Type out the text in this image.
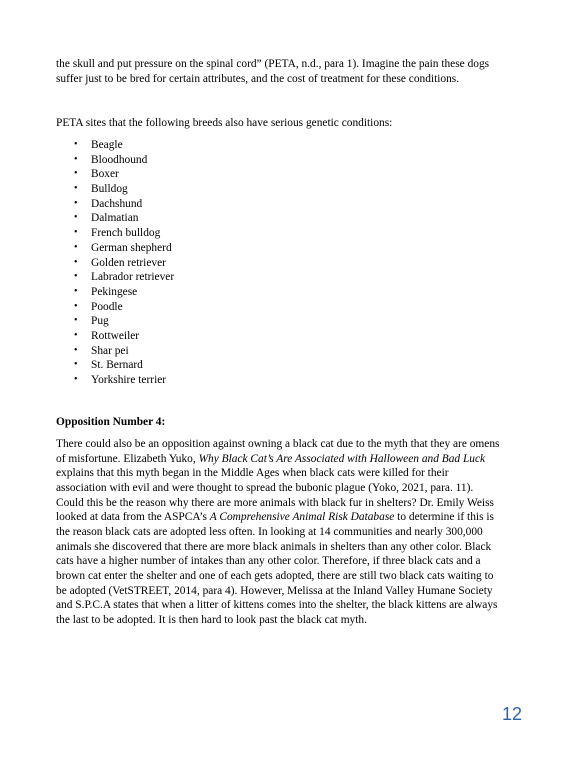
the skull and put pressure on the spinal cord” (PETA, n.d., para 1). Imagine the pain these dogs
suffer just to be bred for certain attributes, and the cost of treatment for these conditions.
PETA sites that the following breeds also have serious genetic conditions:
• Beagle
• Bloodhound
• Boxer
• Bulldog
• Dachshund
• Dalmatian
• French bulldog
• German shepherd
• Golden retriever
• Labrador retriever
• Pekingese
• Poodle
• Pug
• Rottweiler
• Shar pei
• St. Bernard
• Yorkshire terrier
Opposition Number 4:
There could also be an opposition against owning a black cat due to the myth that they are omens
of misfortune. Elizabeth Yuko, Why Black Cat’s Are Associated with Halloween and Bad Luck
explains that this myth began in the Middle Ages when black cats were killed for their
association with evil and were thought to spread the bubonic plague (Yoko, 2021, para. 11).
Could this be the reason why there are more animals with black fur in shelters? Dr. Emily Weiss
looked at data from the ASPCA’s A Comprehensive Animal Risk Database to determine if this is
the reason black cats are adopted less often. In looking at 14 communities and nearly 300,000
animals she discovered that there are more black animals in shelters than any other color. Black
cats have a higher number of intakes than any other color. Therefore, if three black cats and a
brown cat enter the shelter and one of each gets adopted, there are still two black cats waiting to
be adopted (VetSTREET, 2014, para 4). However, Melissa at the Inland Valley Humane Society
and S.P.C.A states that when a litter of kittens comes into the shelter, the black kittens are always
the last to be adopted. It is then hard to look past the black cat myth.
12
